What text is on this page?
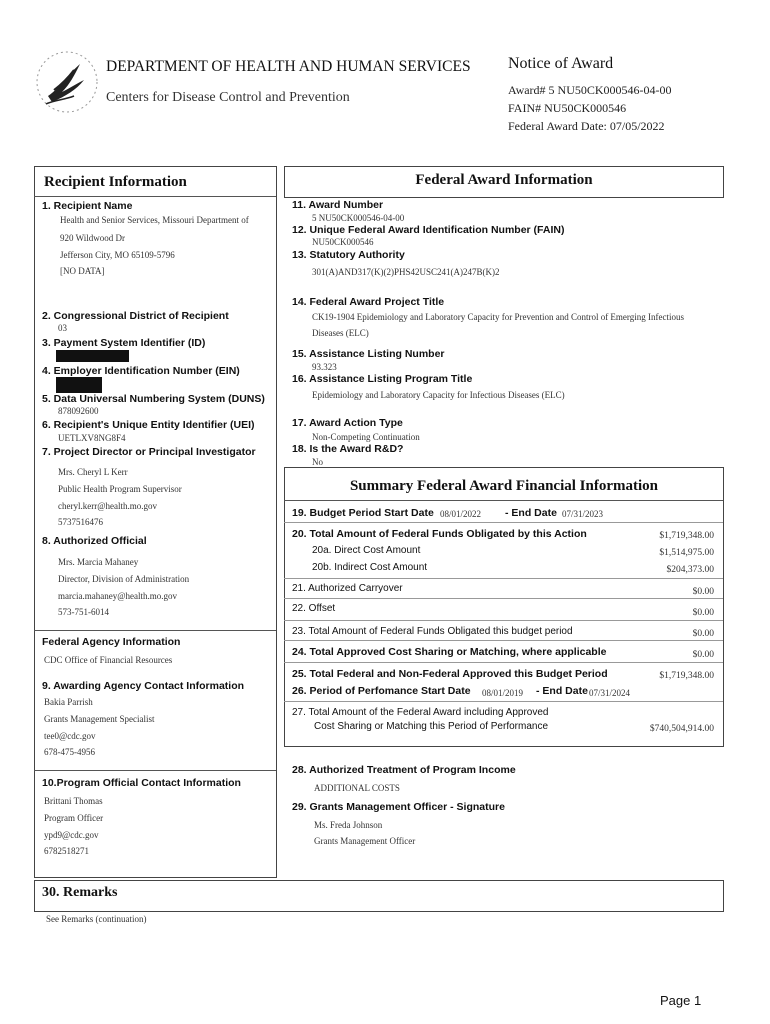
DEPARTMENT OF HEALTH AND HUMAN SERVICES
Centers for Disease Control and Prevention
Notice of Award
Award# 5 NU50CK000546-04-00
FAIN# NU50CK000546
Federal Award Date: 07/05/2022
Recipient Information
1. Recipient Name
Health and Senior Services, Missouri Department of
920 Wildwood Dr
Jefferson City, MO 65109-5796
[NO DATA]
2. Congressional District of Recipient
03
3. Payment System Identifier (ID)
4. Employer Identification Number (EIN)
5. Data Universal Numbering System (DUNS)
878092600
6. Recipient's Unique Entity Identifier (UEI)
UETLXV8NG8F4
7. Project Director or Principal Investigator
Mrs. Cheryl L Kerr
Public Health Program Supervisor
cheryl.kerr@health.mo.gov
5737516476
8. Authorized Official
Mrs. Marcia Mahaney
Director, Division of Administration
marcia.mahaney@health.mo.gov
573-751-6014
Federal Agency Information
CDC Office of Financial Resources
9. Awarding Agency Contact Information
Bakia Parrish
Grants Management Specialist
tee0@cdc.gov
678-475-4956
10.Program Official Contact Information
Brittani Thomas
Program Officer
ypd9@cdc.gov
6782518271
Federal Award Information
11. Award Number
5 NU50CK000546-04-00
12. Unique Federal Award Identification Number (FAIN)
NU50CK000546
13. Statutory Authority
301(A)AND317(K)(2)PHS42USC241(A)247B(K)2
14. Federal Award Project Title
CK19-1904 Epidemiology and Laboratory Capacity for Prevention and Control of Emerging Infectious
Diseases (ELC)
15. Assistance Listing Number
93.323
16. Assistance Listing Program Title
Epidemiology and Laboratory Capacity for Infectious Diseases (ELC)
17. Award Action Type
Non-Competing Continuation
18. Is the Award R&D?
No
Summary Federal Award Financial Information
19. Budget Period Start Date 08/01/2022 - End Date 07/31/2023
20. Total Amount of Federal Funds Obligated by this Action	$1,719,348.00
20a. Direct Cost Amount	$1,514,975.00
20b. Indirect Cost Amount	$204,373.00
21. Authorized Carryover	$0.00
22. Offset	$0.00
23. Total Amount of Federal Funds Obligated this budget period	$0.00
24. Total Approved Cost Sharing or Matching, where applicable	$0.00
25. Total Federal and Non-Federal Approved this Budget Period	$1,719,348.00
26. Period of Perfomance Start Date 08/01/2019 - End Date 07/31/2024
27. Total Amount of the Federal Award including Approved
Cost Sharing or Matching this Period of Performance	$740,504,914.00
28. Authorized Treatment of Program Income
ADDITIONAL COSTS
29. Grants Management Officer - Signature
Ms. Freda Johnson
Grants Management Officer
30. Remarks
See Remarks (continuation)
Page 1
